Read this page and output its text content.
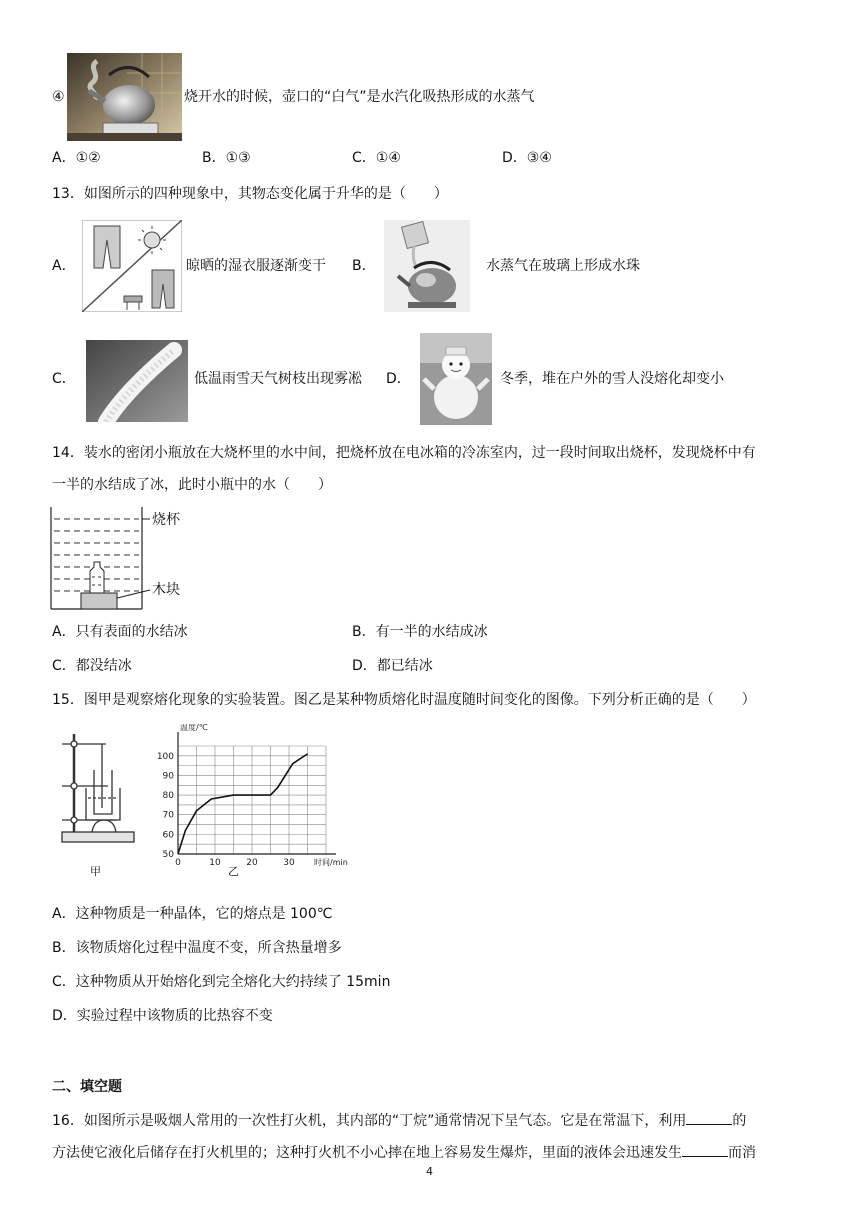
④	烧开水的时候，壶口的“白气”是水汽化吸热形成的水蒸气
A．①②	B．①③	C．①④	D．③④
13．如图所示的四种现象中，其物态变化属于升华的是（　　）
A．	晾晒的湿衣服逐渐变干 B．	水蒸气在玻璃上形成水珠
C．	低温雨雪天气树枝出现雾凇 D．	冬季，堆在户外的雪人没熔化却变小
14．装水的密闭小瓶放在大烧杯里的水中间，把烧杯放在电冰箱的冷冻室内，过一段时间取出烧杯，发现烧杯中有
一半的水结成了冰，此时小瓶中的水（　　）
烧杯
木块
A．只有表面的水结冰	B．有一半的水结成冰
C．都没结冰	D．都已结冰
15．图甲是观察熔化现象的实验装置。图乙是某种物质熔化时温度随时间变化的图像。下列分析正确的是（　　）
甲
50
60
70
80
90
100
0	10	20	30
温度/℃
时间/min
乙
A．这种物质是一种晶体，它的熔点是 100℃
B．该物质熔化过程中温度不变，所含热量增多
C．这种物质从开始熔化到完全熔化大约持续了 15min
D．实验过程中该物质的比热容不变
二、填空题
16．如图所示是吸烟人常用的一次性打火机，其内部的“丁烷”通常情况下呈气态。它是在常温下，利用	的
方法使它液化后储存在打火机里的；这种打火机不小心摔在地上容易发生爆炸，里面的液体会迅速发生	而消
4
